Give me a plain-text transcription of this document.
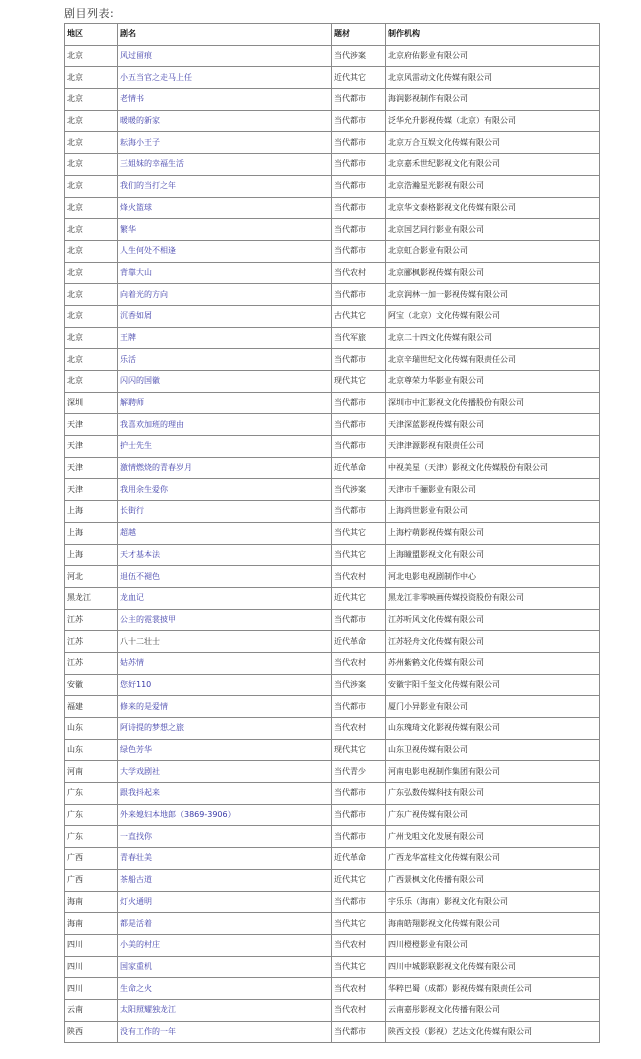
剧目列表:
地区	剧名	题材	制作机构
北京	风过留痕	当代涉案	北京府佑影业有限公司
北京	小五当官之走马上任	近代其它	北京风雷动文化传媒有限公司
北京	老情书	当代都市	海润影视制作有限公司
北京	暖暖的新家	当代都市	泛华允升影视传媒（北京）有限公司
北京	耘海小王子	当代都市	北京万合互娱文化传媒有限公司
北京	三姐妹的幸福生活	当代都市	北京嘉禾世纪影视文化有限公司
北京	我们的当打之年	当代都市	北京浩瀚星光影视有限公司
北京	烽火篮球	当代都市	北京华文泰格影视文化传媒有限公司
北京	繁华	当代都市	北京国艺同行影业有限公司
北京	人生何处不相逢	当代都市	北京虹合影业有限公司
北京	背靠大山	当代农村	北京郦枫影视传媒有限公司
北京	向着光的方向	当代都市	北京润林一加一影视传媒有限公司
北京	沉香如屑	古代其它	阿宝（北京）文化传媒有限公司
北京	王牌	当代军旅	北京二十四文化传媒有限公司
北京	乐活	当代都市	北京辛瑞世纪文化传媒有限责任公司
北京	闪闪的国徽	现代其它	北京尊荣力华影业有限公司
深圳	解聘师	当代都市	深圳市中汇影视文化传播股份有限公司
天津	我喜欢加班的理由	当代都市	天津深蓝影视传媒有限公司
天津	护士先生	当代都市	天津津源影视有限责任公司
天津	激情燃烧的青春岁月	近代革命	中视美星（天津）影视文化传媒股份有限公司
天津	我用余生爱你	当代涉案	天津市千骊影业有限公司
上海	长街行	当代都市	上海尚世影业有限公司
上海	超越	当代其它	上海柠萌影视传媒有限公司
上海	天才基本法	当代其它	上海瞳盟影视文化有限公司
河北	退伍不褪色	当代农村	河北电影电视剧制作中心
黑龙江	龙血记	近代其它	黑龙江非零映画传媒投资股份有限公司
江苏	公主的霓裳披甲	当代都市	江苏听风文化传媒有限公司
江苏	八十二壮士	近代革命	江苏轻舟文化传媒有限公司
江苏	姑苏情	当代农村	苏州紫鹤文化传媒有限公司
安徽	您好110	当代涉案	安徽宇阳千玺文化传媒有限公司
福建	修来的是爱情	当代都市	厦门小异影业有限公司
山东	阿诗提的梦想之旅	当代农村	山东瑰琦文化影视传媒有限公司
山东	绿色芳华	现代其它	山东卫视传媒有限公司
河南	大学戏剧社	当代青少	河南电影电视制作集团有限公司
广东	跟我抖起来	当代都市	广东弘数传媒科技有限公司
广东	外来媳妇本地郎（3869-3906）	当代都市	广东广视传媒有限公司
广东	一直找你	当代都市	广州戈咀文化发展有限公司
广西	青春壮美	近代革命	广西龙华富桂文化传媒有限公司
广西	茶船古道	近代其它	广西景枫文化传播有限公司
海南	灯火通明	当代都市	宇乐乐（海南）影视文化有限公司
海南	都是活着	当代其它	海南皓翔影视文化传媒有限公司
四川	小美的村庄	当代农村	四川橙橙影业有限公司
四川	国家重机	当代其它	四川中城影联影视文化传媒有限公司
四川	生命之火	当代农村	华粹巴蜀（成都）影视传媒有限责任公司
云南	太阳照耀独龙江	当代农村	云南嘉彤影视文化传播有限公司
陕西	没有工作的一年	当代都市	陕西文投（影视）艺达文化传媒有限公司
